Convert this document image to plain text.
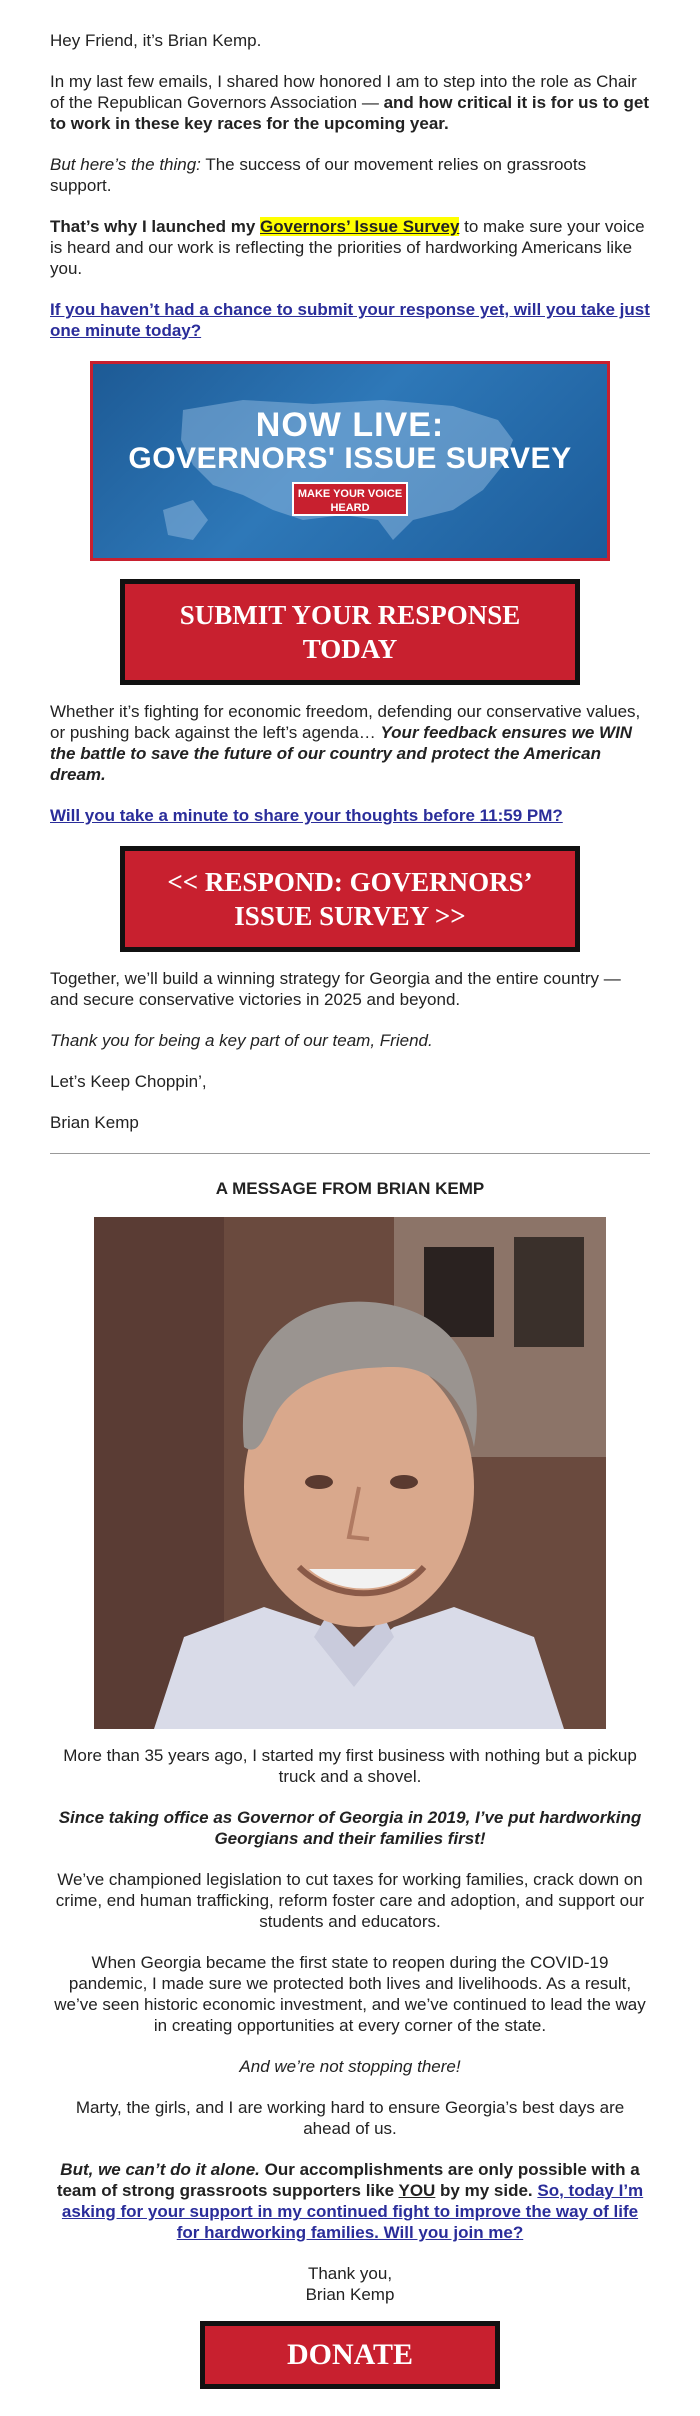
Hey Friend, it’s Brian Kemp.

In my last few emails, I shared how honored I am to step into the role as Chair of the Republican Governors Association — and how critical it is for us to get to work in these key races for the upcoming year.

But here’s the thing: The success of our movement relies on grassroots support.

That’s why I launched my Governors’ Issue Survey to make sure your voice is heard and our work is reflecting the priorities of hardworking Americans like you.

If you haven’t had a chance to submit your response yet, will you take just one minute today?

NOW LIVE:
GOVERNORS' ISSUE SURVEY
MAKE YOUR VOICE HEARD
SUBMIT YOUR RESPONSE TODAY

Whether it’s fighting for economic freedom, defending our conservative values, or pushing back against the left’s agenda… Your feedback ensures we WIN the battle to save the future of our country and protect the American dream.

Will you take a minute to share your thoughts before 11:59 PM?

<< RESPOND: GOVERNORS’ ISSUE SURVEY >>

Together, we’ll build a winning strategy for Georgia and the entire country — and secure conservative victories in 2025 and beyond.

Thank you for being a key part of our team, Friend.

Let’s Keep Choppin’,

Brian Kemp

A MESSAGE FROM BRIAN KEMP

More than 35 years ago, I started my first business with nothing but a pickup truck and a shovel.

Since taking office as Governor of Georgia in 2019, I’ve put hardworking Georgians and their families first!

We’ve championed legislation to cut taxes for working families, crack down on crime, end human trafficking, reform foster care and adoption, and support our students and educators.

When Georgia became the first state to reopen during the COVID-19 pandemic, I made sure we protected both lives and livelihoods. As a result, we’ve seen historic economic investment, and we’ve continued to lead the way in creating opportunities at every corner of the state.

And we’re not stopping there!

Marty, the girls, and I are working hard to ensure Georgia’s best days are ahead of us.

But, we can’t do it alone. Our accomplishments are only possible with a team of strong grassroots supporters like YOU by my side. So, today I’m asking for your support in my continued fight to improve the way of life for hardworking families. Will you join me?

Thank you,
Brian Kemp
DONATE
